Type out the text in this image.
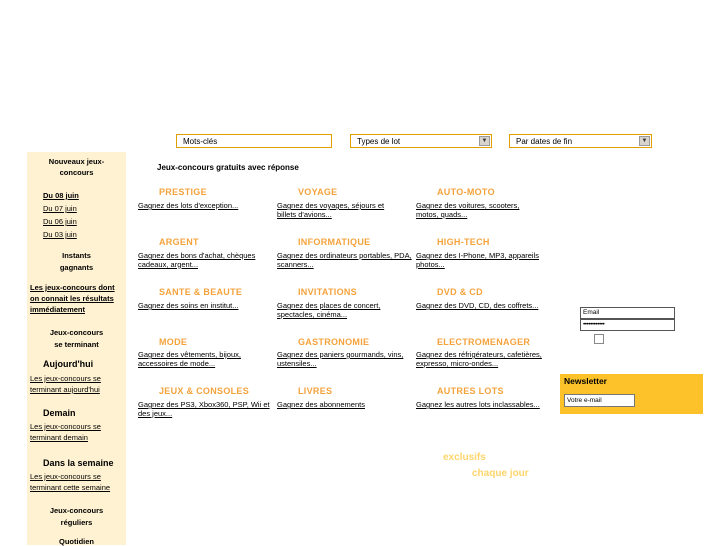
Mots-clés	Types de lot	▼	Par dates de fin	▼
Nouveaux jeux-concours
Du 08 juin
Du 07 juin
Du 06 juin
Du 03 juin
Instants gagnants
Les jeux-concours dont on connait les résultats immédiatement
Jeux-concours se terminant
Aujourd'hui
Les jeux-concours se terminant aujourd'hui
Demain
Les jeux-concours se terminant demain
Dans la semaine
Les jeux-concours se terminant cette semaine
Jeux-concours réguliers
Quotidien
Jeux-concours gratuits avec réponse
PRESTIGE
Gagnez des lots d'exception...
VOYAGE
Gagnez des voyages, séjours et billets d'avions...
AUTO-MOTO
Gagnez des voitures, scooters, motos, quads...
ARGENT
Gagnez des bons d'achat, chèques cadeaux, argent...
INFORMATIQUE
Gagnez des ordinateurs portables, PDA, scanners...
HIGH-TECH
Gagnez des I-Phone, MP3, appareils photos...
SANTE & BEAUTE
Gagnez des soins en institut...
INVITATIONS
Gagnez des places de concert, spectacles, cinéma...
DVD & CD
Gagnez des DVD, CD, des coffrets...
MODE
Gagnez des vêtements, bijoux, accessoires de mode...
GASTRONOMIE
Gagnez des paniers gourmands, vins, ustensiles...
ELECTROMENAGER
Gagnez des réfrigérateurs, cafetières, expresso, micro-ondes...
JEUX & CONSOLES
Gagnez des PS3, Xbox360, PSP, Wii et des jeux...
LIVRES
Gagnez des abonnements
AUTRES LOTS
Gagnez les autres lots inclassables...
Email
••••••••••••
Newsletter
Votre e-mail
exclusifs
chaque jour
